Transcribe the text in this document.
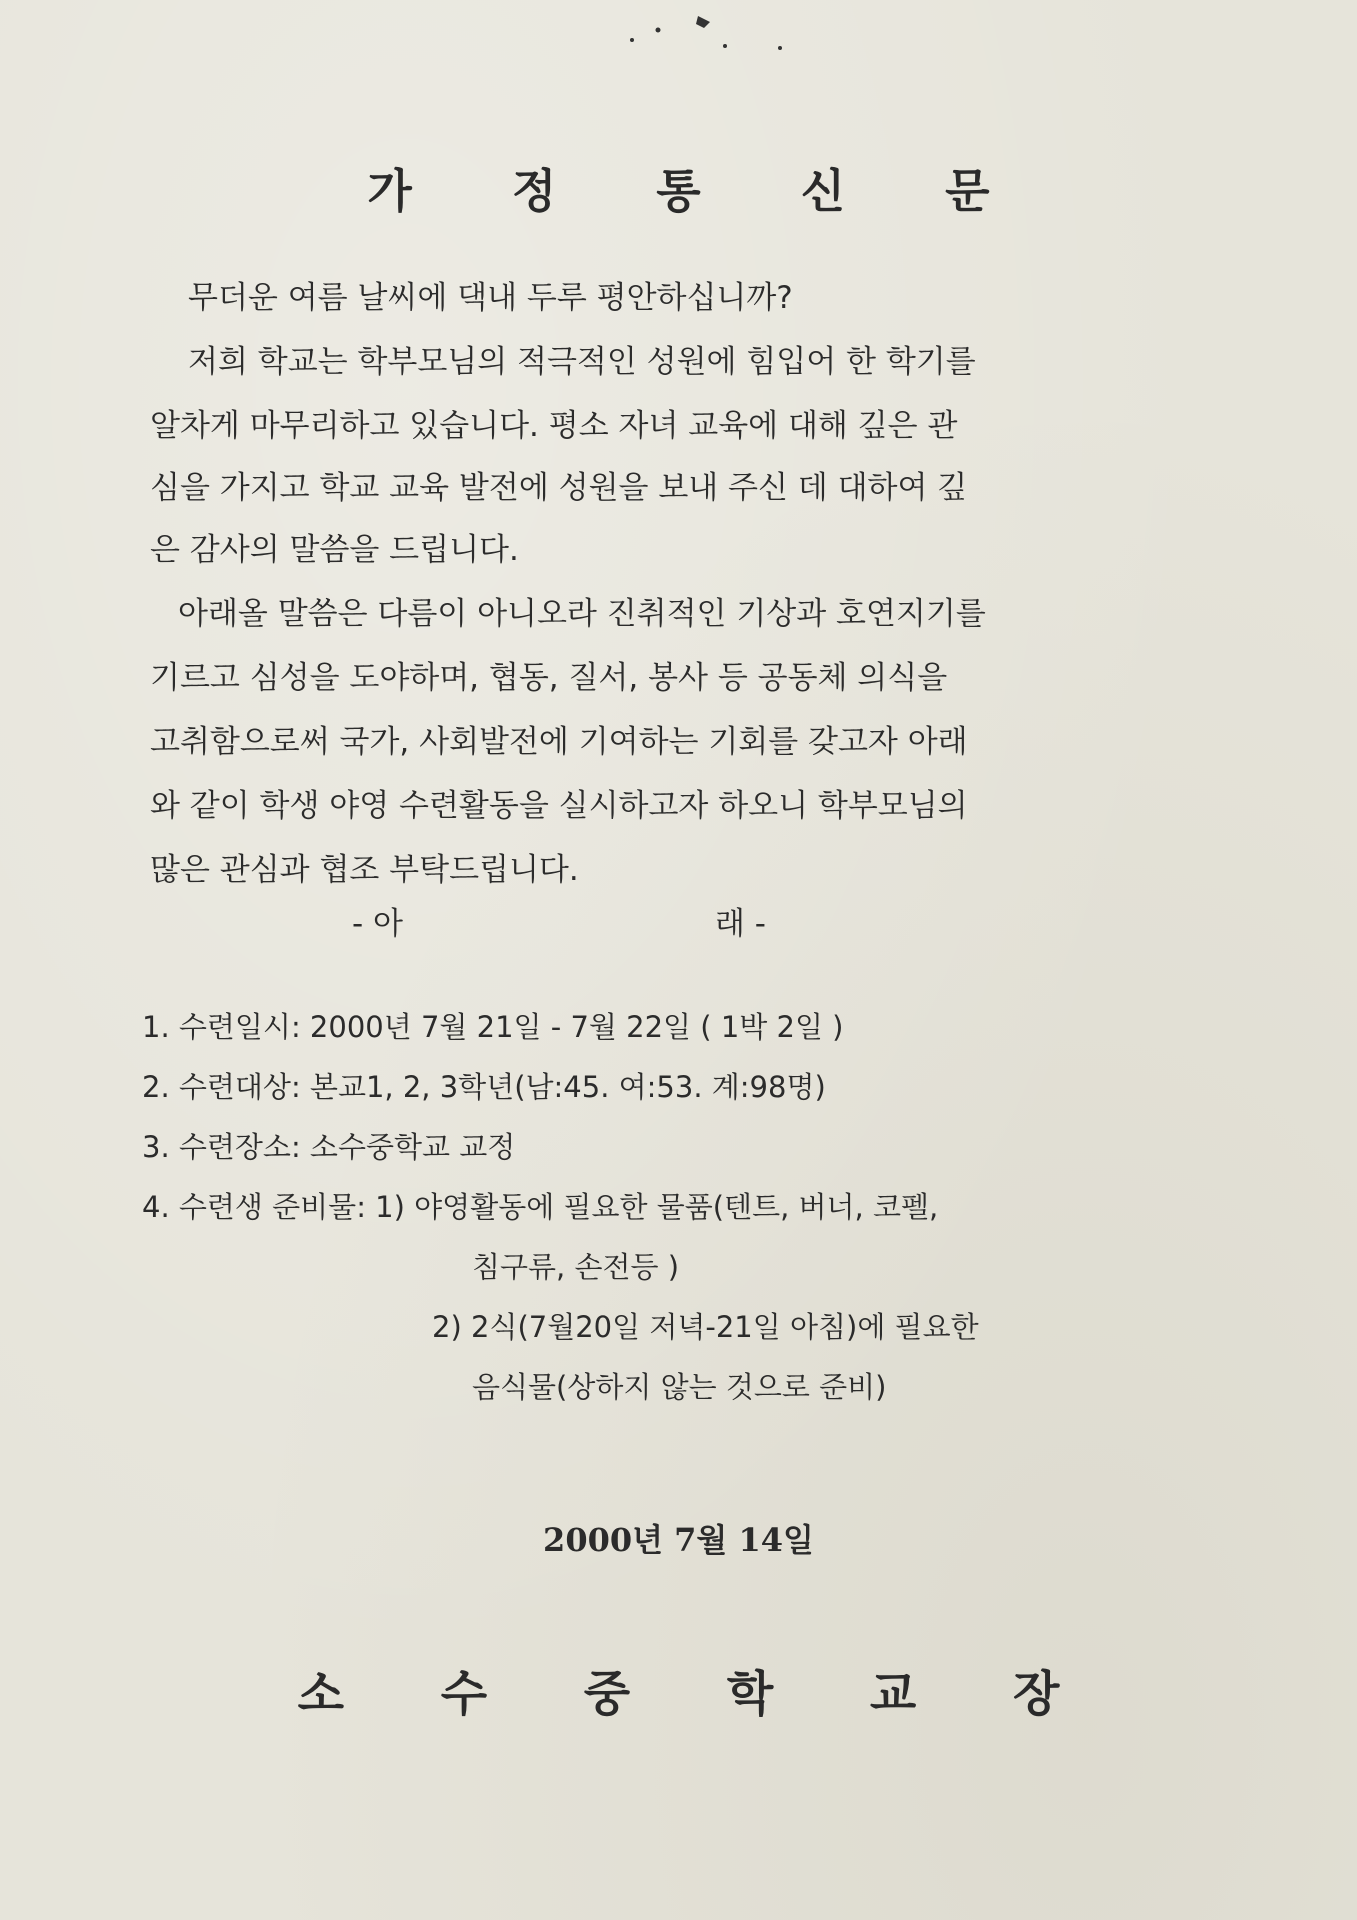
가 정 통 신 문
무더운 여름 날씨에 댁내 두루 평안하십니까?
저희 학교는 학부모님의 적극적인 성원에 힘입어 한 학기를
알차게 마무리하고 있습니다. 평소 자녀 교육에 대해 깊은 관
심을 가지고 학교 교육 발전에 성원을 보내 주신 데 대하여 깊
은 감사의 말씀을 드립니다.
아래올 말씀은 다름이 아니오라 진취적인 기상과 호연지기를
기르고 심성을 도야하며, 협동, 질서, 봉사 등 공동체 의식을
고취함으로써 국가, 사회발전에 기여하는 기회를 갖고자 아래
와 같이 학생 야영 수련활동을 실시하고자 하오니 학부모님의
많은 관심과 협조 부탁드립니다.
- 아	래 -
1. 수련일시: 2000년 7월 21일 - 7월 22일 ( 1박 2일 )
2. 수련대상: 본교1, 2, 3학년(남:45. 여:53. 계:98명)
3. 수련장소: 소수중학교 교정
4. 수련생 준비물: 1) 야영활동에 필요한 물품(텐트, 버너, 코펠,
침구류, 손전등 )
2) 2식(7월20일 저녁-21일 아침)에 필요한
음식물(상하지 않는 것으로 준비)
2000년 7월 14일
소 수 중 학 교 장
